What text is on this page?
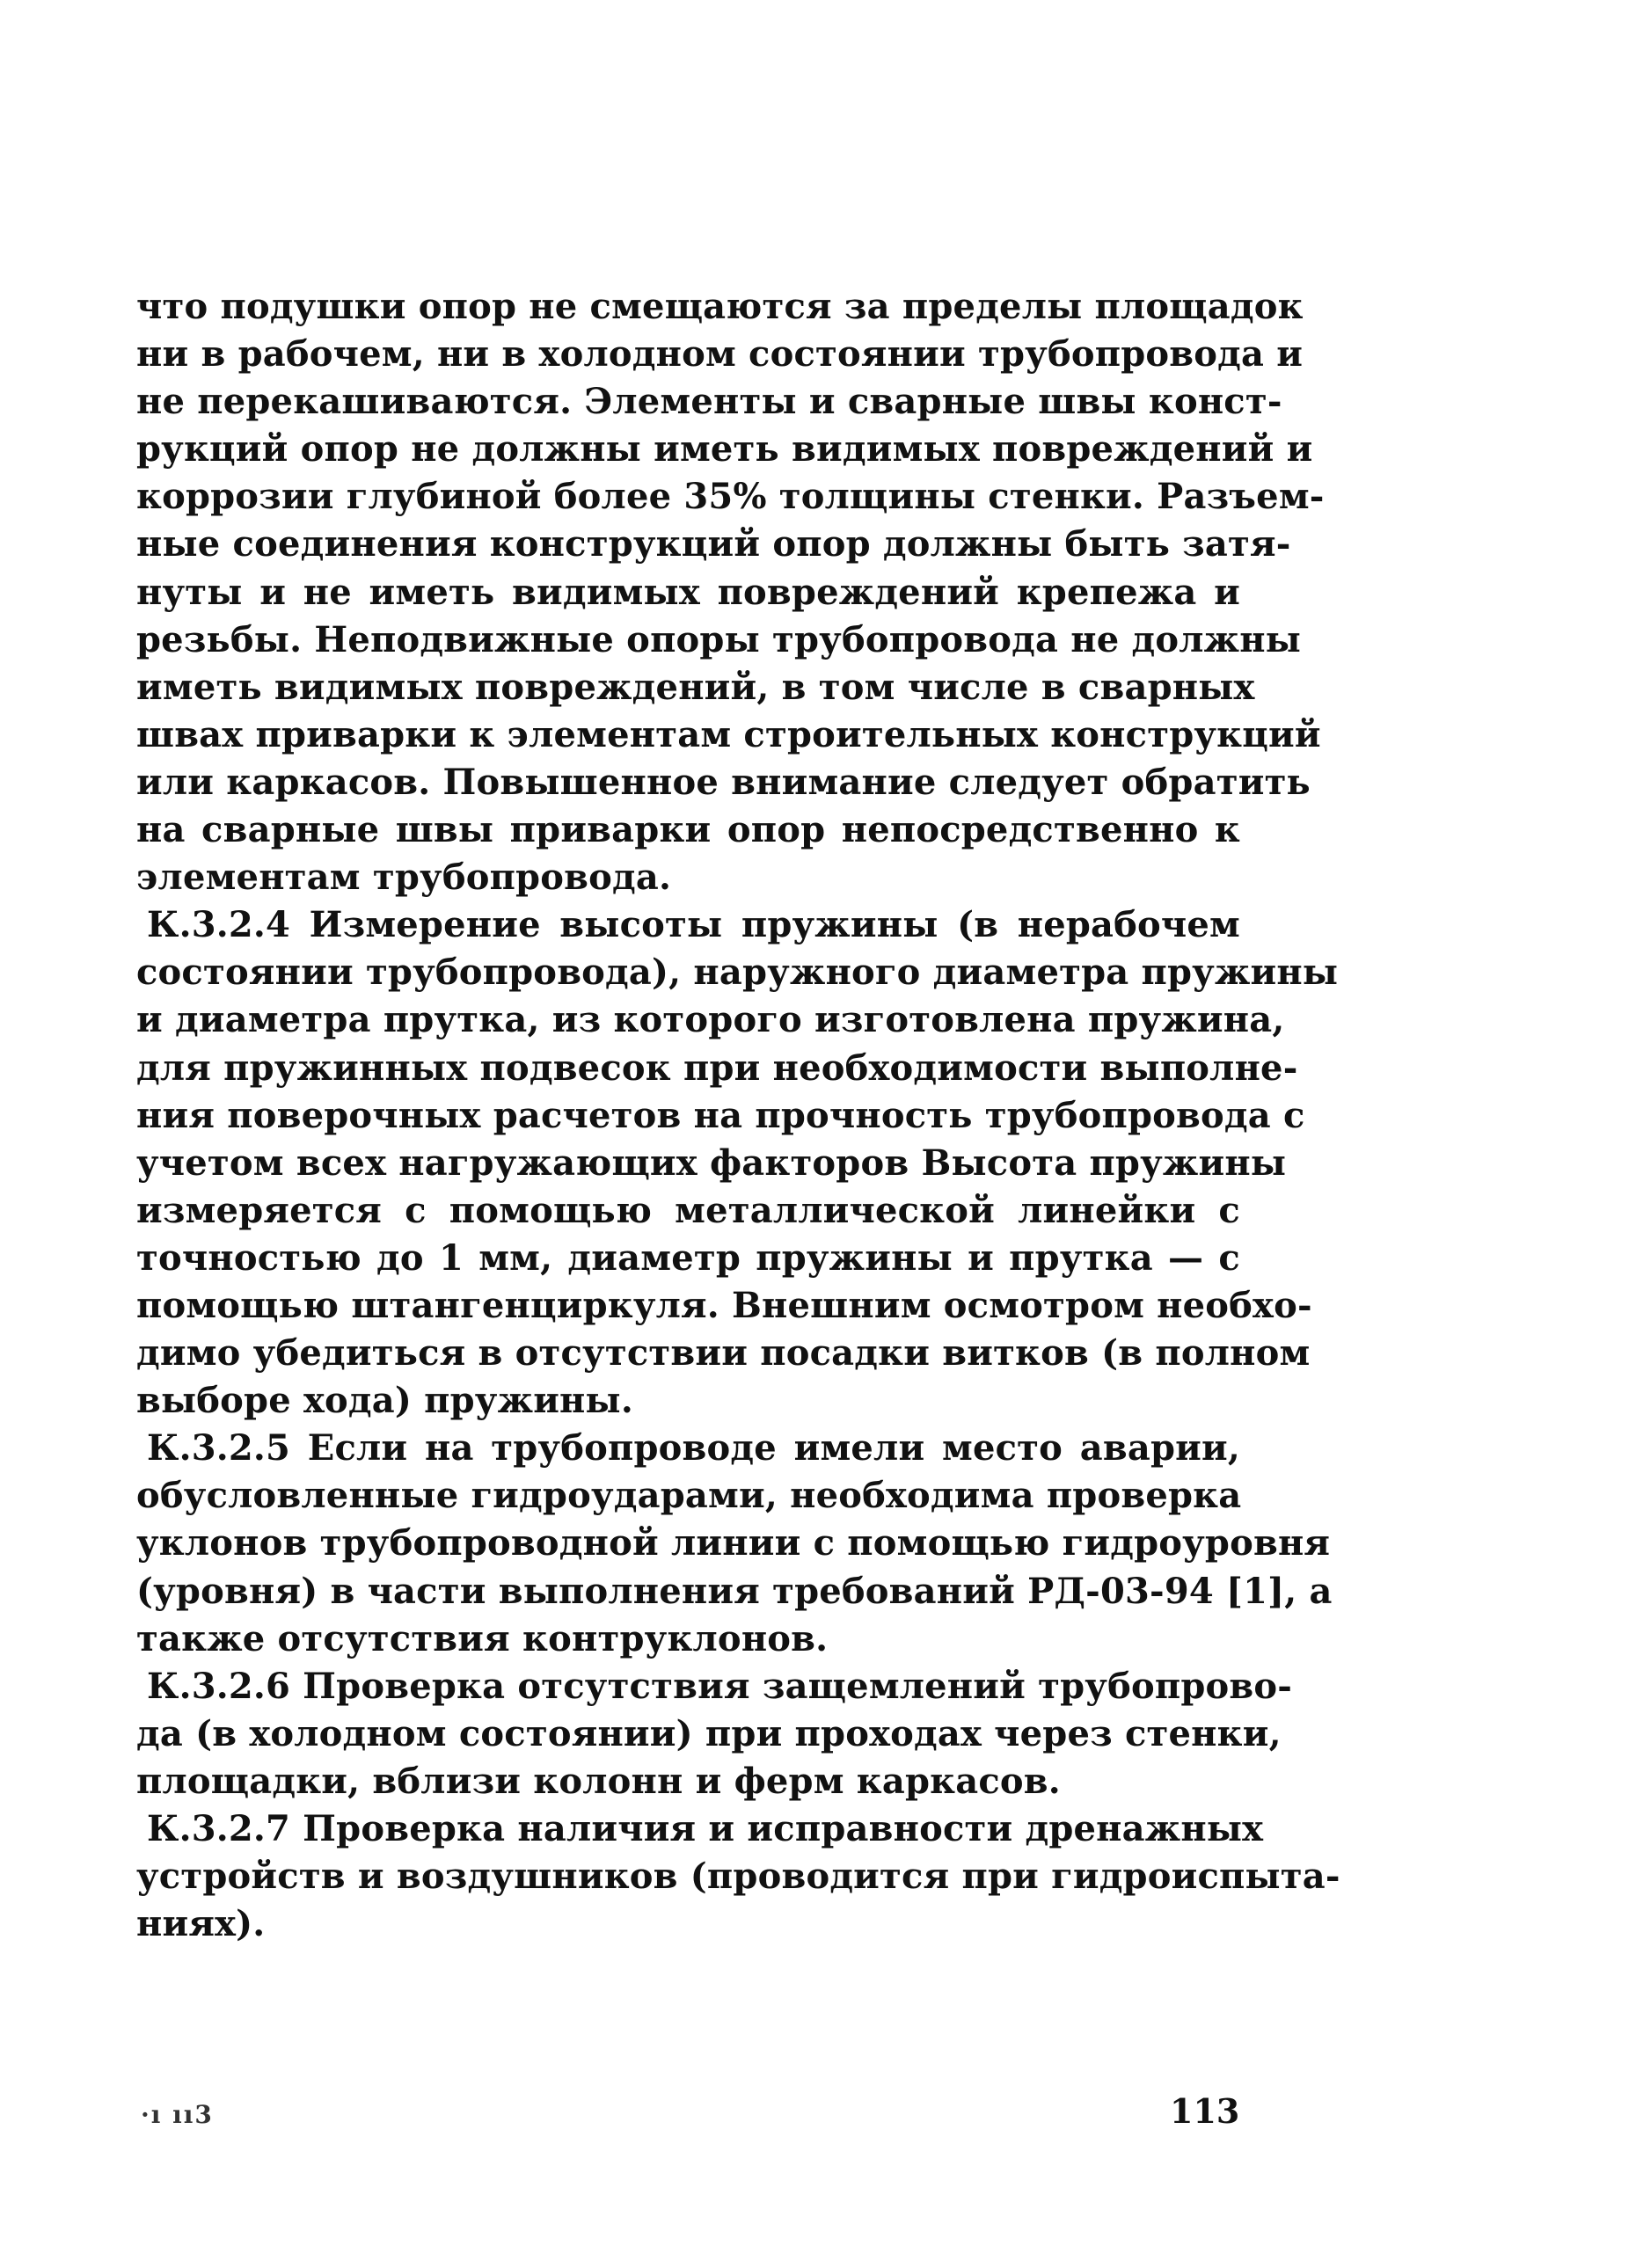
что подушки опор не смещаются за пределы площадок
ни в рабочем, ни в холодном состоянии трубопровода и
не перекашиваются. Элементы и сварные швы конст-
рукций опор не должны иметь видимых повреждений и
коррозии глубиной более 35% толщины стенки. Разъем-
ные соединения конструкций опор должны быть затя-
нуты и не иметь видимых повреждений крепежа и
резьбы. Неподвижные опоры трубопровода не должны
иметь видимых повреждений, в том числе в сварных
швах приварки к элементам строительных конструкций
или каркасов. Повышенное внимание следует обратить
на сварные швы приварки опор непосредственно к
элементам трубопровода.
К.3.2.4 Измерение высоты пружины (в нерабочем
состоянии трубопровода), наружного диаметра пружины
и диаметра прутка, из которого изготовлена пружина,
для пружинных подвесок при необходимости выполне-
ния поверочных расчетов на прочность трубопровода с
учетом всех нагружающих факторов Высота пружины
измеряется с помощью металлической линейки с
точностью до 1 мм, диаметр пружины и прутка — с
помощью штангенциркуля. Внешним осмотром необхо-
димо убедиться в отсутствии посадки витков (в полном
выборе хода) пружины.
К.3.2.5 Если на трубопроводе имели место аварии,
обусловленные гидроударами, необходима проверка
уклонов трубопроводной линии с помощью гидроуровня
(уровня) в части выполнения требований РД-03-94 [1], а
также отсутствия контруклонов.
К.3.2.6 Проверка отсутствия защемлений трубопрово-
да (в холодном состоянии) при проходах через стенки,
площадки, вблизи колонн и ферм каркасов.
К.3.2.7 Проверка наличия и исправности дренажных
устройств и воздушников (проводится при гидроиспыта-
ниях).
·ı ıı3	113
